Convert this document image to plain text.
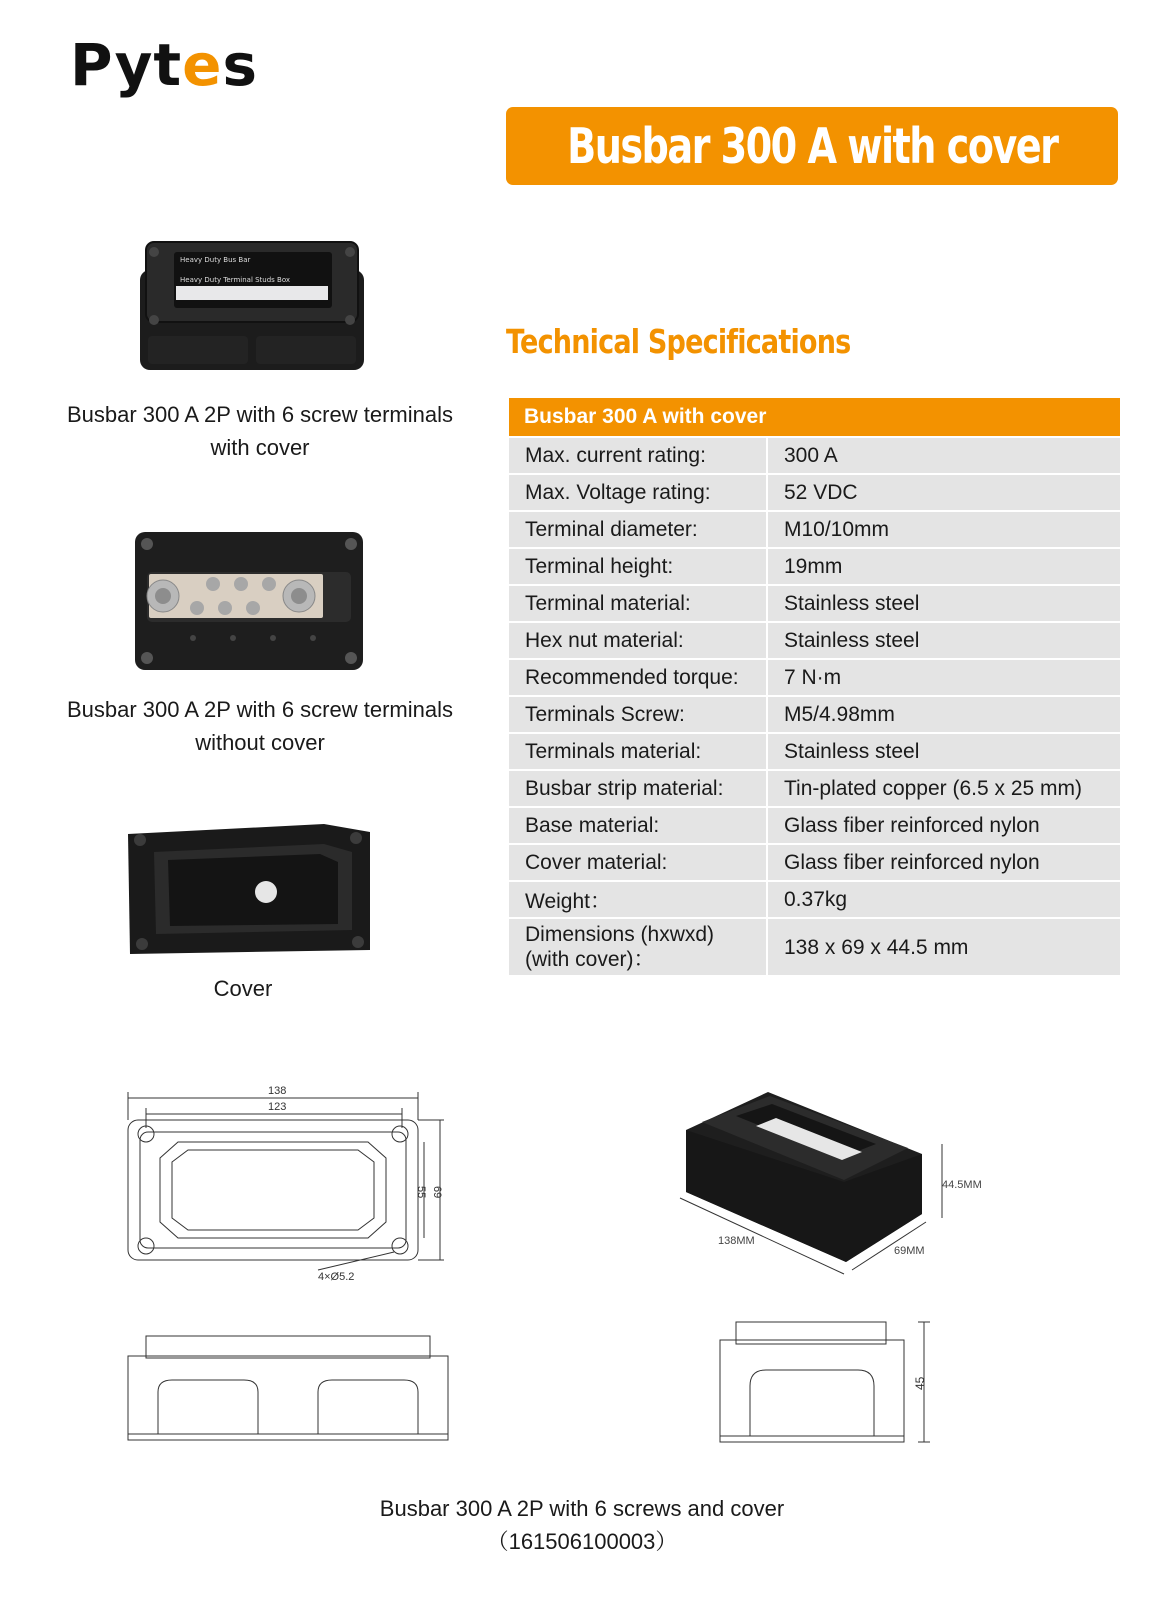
Pytes
Busbar 300 A with cover
Heavy Duty Bus Bar
Heavy Duty Terminal Studs Box
Busbar 300 A 2P with 6 screw terminals
with cover
Busbar 300 A 2P with 6 screw terminals
without cover
Cover
Technical Specifications
Busbar 300 A with cover	
Max. current rating:	300 A
Max. Voltage rating:	52 VDC
Terminal diameter:	M10/10mm
Terminal height:	19mm
Terminal material:	Stainless steel
Hex nut material:	Stainless steel
Recommended torque:	7 N·m
Terminals Screw:	M5/4.98mm
Terminals material:	Stainless steel
Busbar strip material:	Tin-plated copper (6.5 x 25 mm)
Base material:	Glass fiber reinforced nylon
Cover material:	Glass fiber reinforced nylon
Weight：	0.37kg
Dimensions (hxwxd) (with cover)：	138 x 69 x 44.5 mm
138
123
55 69
4×Ø5.2
138MM
69MM
44.5MM
45
Busbar 300 A 2P with 6 screws and cover
（161506100003）
